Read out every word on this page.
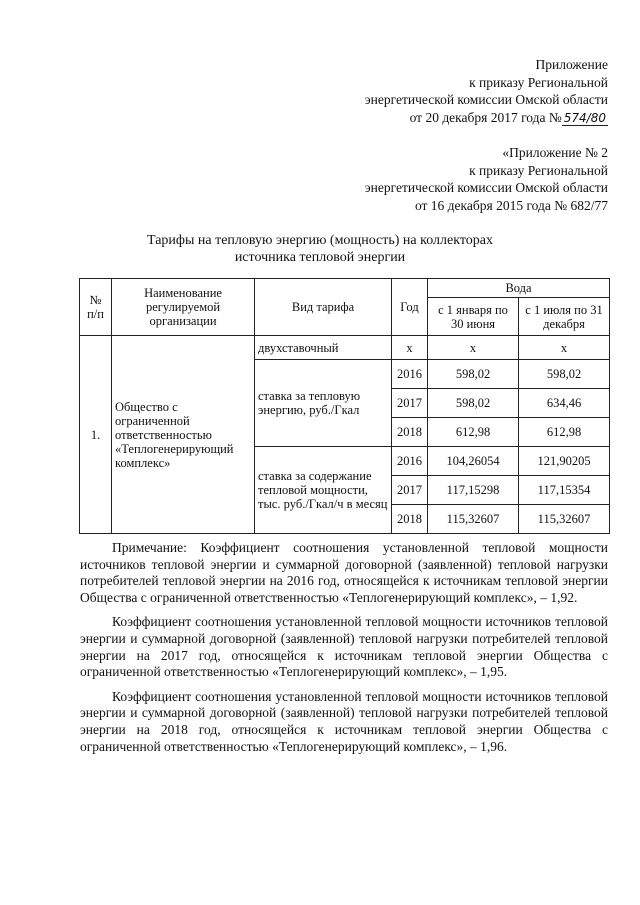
Приложение
к приказу Региональной
энергетической комиссии Омской области
от 20 декабря 2017 года № 574/80
«Приложение № 2
к приказу Региональной
энергетической комиссии Омской области
от 16 декабря 2015 года № 682/77
Тарифы на тепловую энергию (мощность) на коллекторах
источника тепловой энергии
№ п/п	Наименование регулируемой организации	Вид тарифа	Год	Вода	
				с 1 января по 30 июня	с 1 июля по 31 декабря
1.	Общество с ограниченной ответственностью «Теплогенерирующий комплекс»	двухставочный	x	x	x
		ставка за тепловую энергию, руб./Гкал	2016	598,02	598,02
			2017	598,02	634,46
			2018	612,98	612,98
		ставка за содержание тепловой мощности, тыс. руб./Гкал/ч в месяц	2016	104,26054	121,90205
			2017	117,15298	117,15354
			2018	115,32607	115,32607

Примечание: Коэффициент соотношения установленной тепловой мощности источников тепловой энергии и суммарной договорной (заявленной) тепловой нагрузки потребителей тепловой энергии на 2016 год, относящейся к источникам тепловой энергии Общества с ограниченной ответственностью «Теплогенерирующий комплекс», – 1,92.

Коэффициент соотношения установленной тепловой мощности источников тепловой энергии и суммарной договорной (заявленной) тепловой нагрузки потребителей тепловой энергии на 2017 год, относящейся к источникам тепловой энергии Общества с ограниченной ответственностью «Теплогенерирующий комплекс», – 1,95.

Коэффициент соотношения установленной тепловой мощности источников тепловой энергии и суммарной договорной (заявленной) тепловой нагрузки потребителей тепловой энергии на 2018 год, относящейся к источникам тепловой энергии Общества с ограниченной ответственностью «Теплогенерирующий комплекс», – 1,96.
